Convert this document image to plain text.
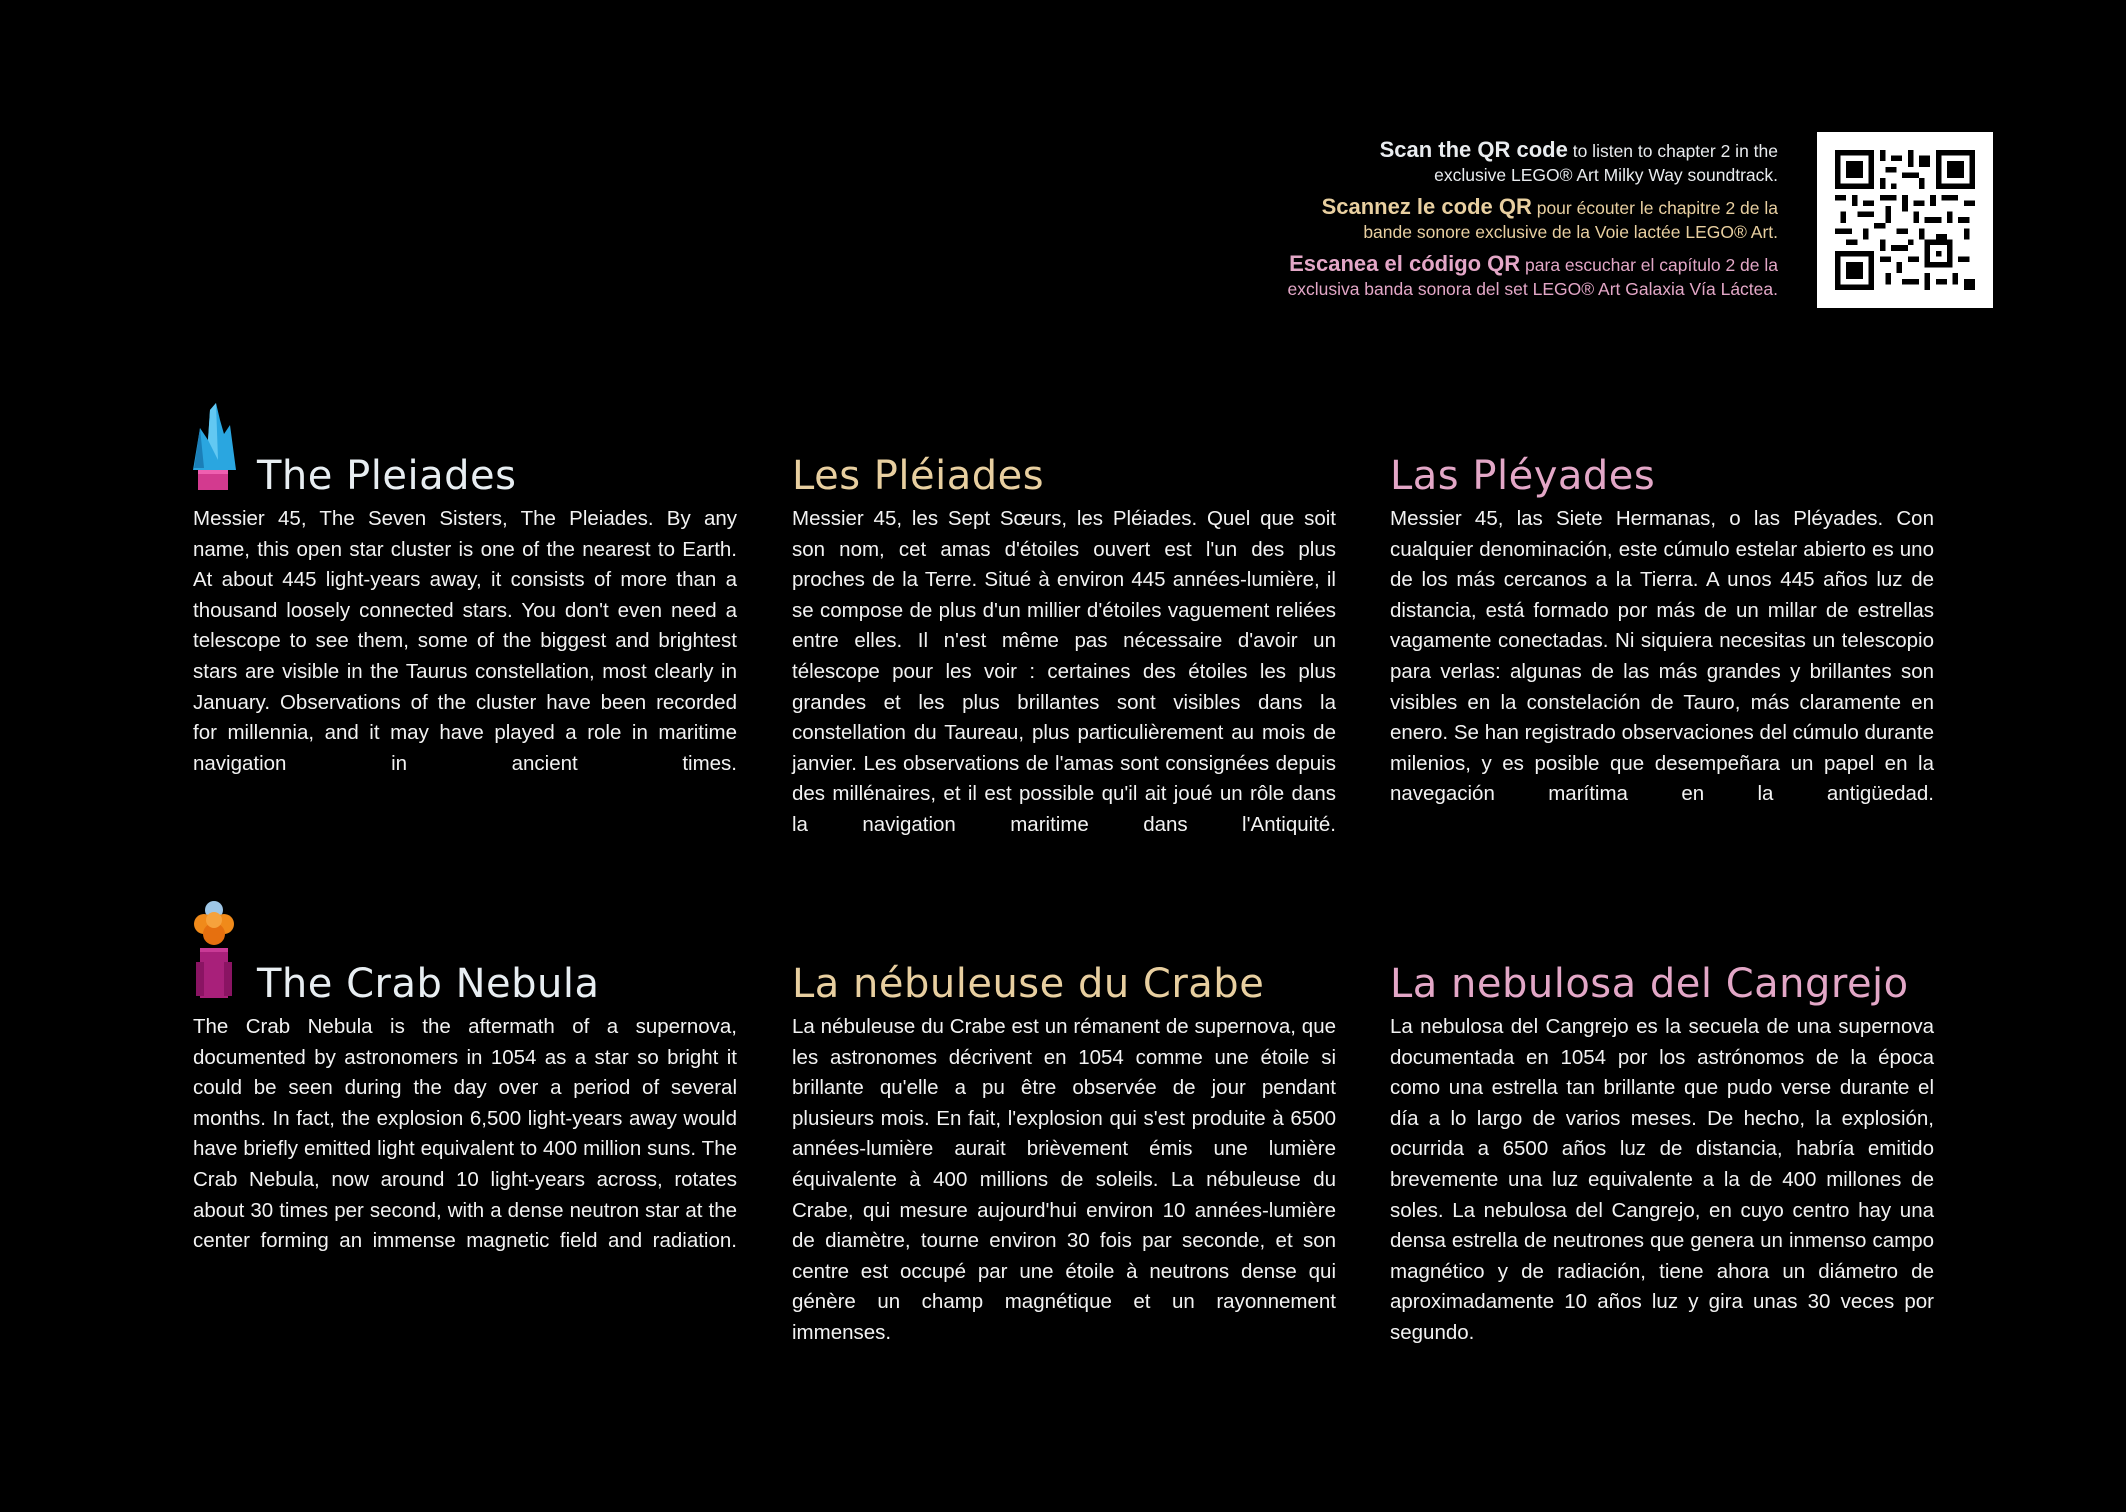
Scan the QR code to listen to chapter 2 in the
exclusive LEGO® Art Milky Way soundtrack.
Scannez le code QR pour écouter le chapitre 2 de la
bande sonore exclusive de la Voie lactée LEGO® Art.
Escanea el código QR para escuchar el capítulo 2 de la
exclusiva banda sonora del set LEGO® Art Galaxia Vía Láctea.
The Pleiades

Messier 45, The Seven Sisters, The Pleiades. By any name, this open star cluster is one of the nearest to Earth. At about 445 light-years away, it consists of more than a thousand loosely connected stars. You don't even need a telescope to see them, some of the biggest and brightest stars are visible in the Taurus constellation, most clearly in January. Observations of the cluster have been recorded for millennia, and it may have played a role in maritime navigation in ancient times.

Les Pléiades

Messier 45, les Sept Sœurs, les Pléiades. Quel que soit son nom, cet amas d'étoiles ouvert est l'un des plus proches de la Terre. Situé à environ 445 années-lumière, il se compose de plus d'un millier d'étoiles vaguement reliées entre elles. Il n'est même pas nécessaire d'avoir un télescope pour les voir : certaines des étoiles les plus grandes et les plus brillantes sont visibles dans la constellation du Taureau, plus particulièrement au mois de janvier. Les observations de l'amas sont consignées depuis des millénaires, et il est possible qu'il ait joué un rôle dans la navigation maritime dans l'Antiquité.

Las Pléyades

Messier 45, las Siete Hermanas, o las Pléyades. Con cualquier denominación, este cúmulo estelar abierto es uno de los más cercanos a la Tierra. A unos 445 años luz de distancia, está formado por más de un millar de estrellas vagamente conectadas. Ni siquiera necesitas un telescopio para verlas: algunas de las más grandes y brillantes son visibles en la constelación de Tauro, más claramente en enero. Se han registrado observaciones del cúmulo durante milenios, y es posible que desempeñara un papel en la navegación marítima en la antigüedad.

The Crab Nebula

The Crab Nebula is the aftermath of a supernova, documented by astronomers in 1054 as a star so bright it could be seen during the day over a period of several months. In fact, the explosion 6,500 light-years away would have briefly emitted light equivalent to 400 million suns. The Crab Nebula, now around 10 light-years across, rotates about 30 times per second, with a dense neutron star at the center forming an immense magnetic field and radiation.

La nébuleuse du Crabe

La nébuleuse du Crabe est un rémanent de supernova, que les astronomes décrivent en 1054 comme une étoile si brillante qu'elle a pu être observée de jour pendant plusieurs mois. En fait, l'explosion qui s'est produite à 6500 années-lumière aurait brièvement émis une lumière équivalente à 400 millions de soleils. La nébuleuse du Crabe, qui mesure aujourd'hui environ 10 années-lumière de diamètre, tourne environ 30 fois par seconde, et son centre est occupé par une étoile à neutrons dense qui génère un champ magnétique et un rayonnement immenses.

La nebulosa del Cangrejo

La nebulosa del Cangrejo es la secuela de una supernova documentada en 1054 por los astrónomos de la época como una estrella tan brillante que pudo verse durante el día a lo largo de varios meses. De hecho, la explosión, ocurrida a 6500 años luz de distancia, habría emitido brevemente una luz equivalente a la de 400 millones de soles. La nebulosa del Cangrejo, en cuyo centro hay una densa estrella de neutrones que genera un inmenso campo magnético y de radiación, tiene ahora un diámetro de aproximadamente 10 años luz y gira unas 30 veces por segundo.
